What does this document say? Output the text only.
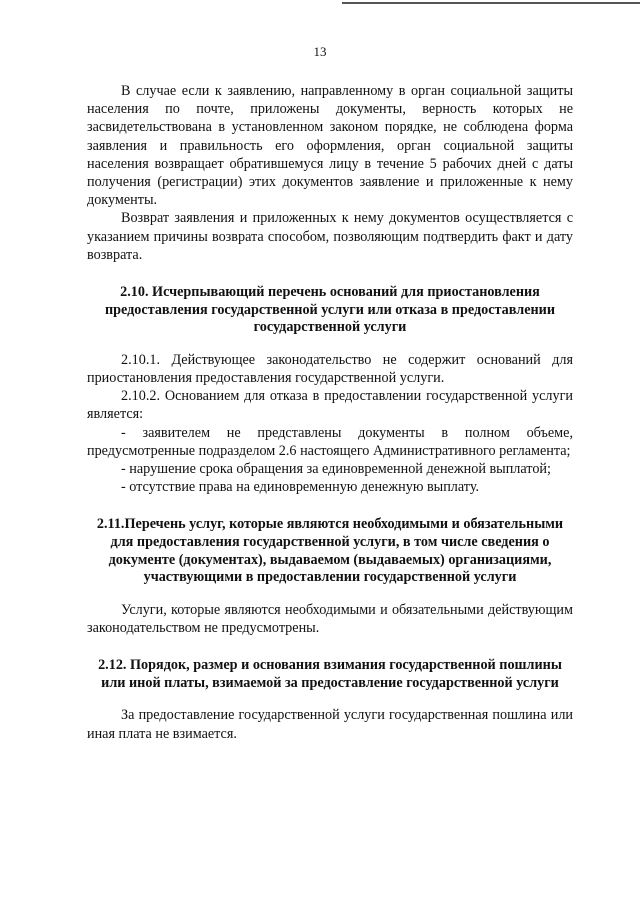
13

В случае если к заявлению, направленному в орган социальной защиты населения по почте, приложены документы, верность которых не засвидетельствована в установленном законом порядке, не соблюдена форма заявления и правильность его оформления, орган социальной защиты населения возвращает обратившемуся лицу в течение 5 рабочих дней с даты получения (регистрации) этих документов заявление и приложенные к нему документы.

Возврат заявления и приложенных к нему документов осуществляется с указанием причины возврата способом, позволяющим подтвердить факт и дату возврата.

2.10. Исчерпывающий перечень оснований для приостановления предоставления государственной услуги или отказа в предоставлении государственной услуги

2.10.1. Действующее законодательство не содержит оснований для приостановления предоставления государственной услуги.

2.10.2. Основанием для отказа в предоставлении государственной услуги является:

- заявителем не представлены документы в полном объеме, предусмотренные подразделом 2.6 настоящего Административного регламента;

- нарушение срока обращения за единовременной денежной выплатой;

- отсутствие права на единовременную денежную выплату.

2.11.Перечень услуг, которые являются необходимыми и обязательными для предоставления государственной услуги, в том числе сведения о документе (документах), выдаваемом (выдаваемых) организациями, участвующими в предоставлении государственной услуги

Услуги, которые являются необходимыми и обязательными действующим законодательством не предусмотрены.

2.12. Порядок, размер и основания взимания государственной пошлины или иной платы, взимаемой за предоставление государственной услуги

За предоставление государственной услуги государственная пошлина или иная плата не взимается.
